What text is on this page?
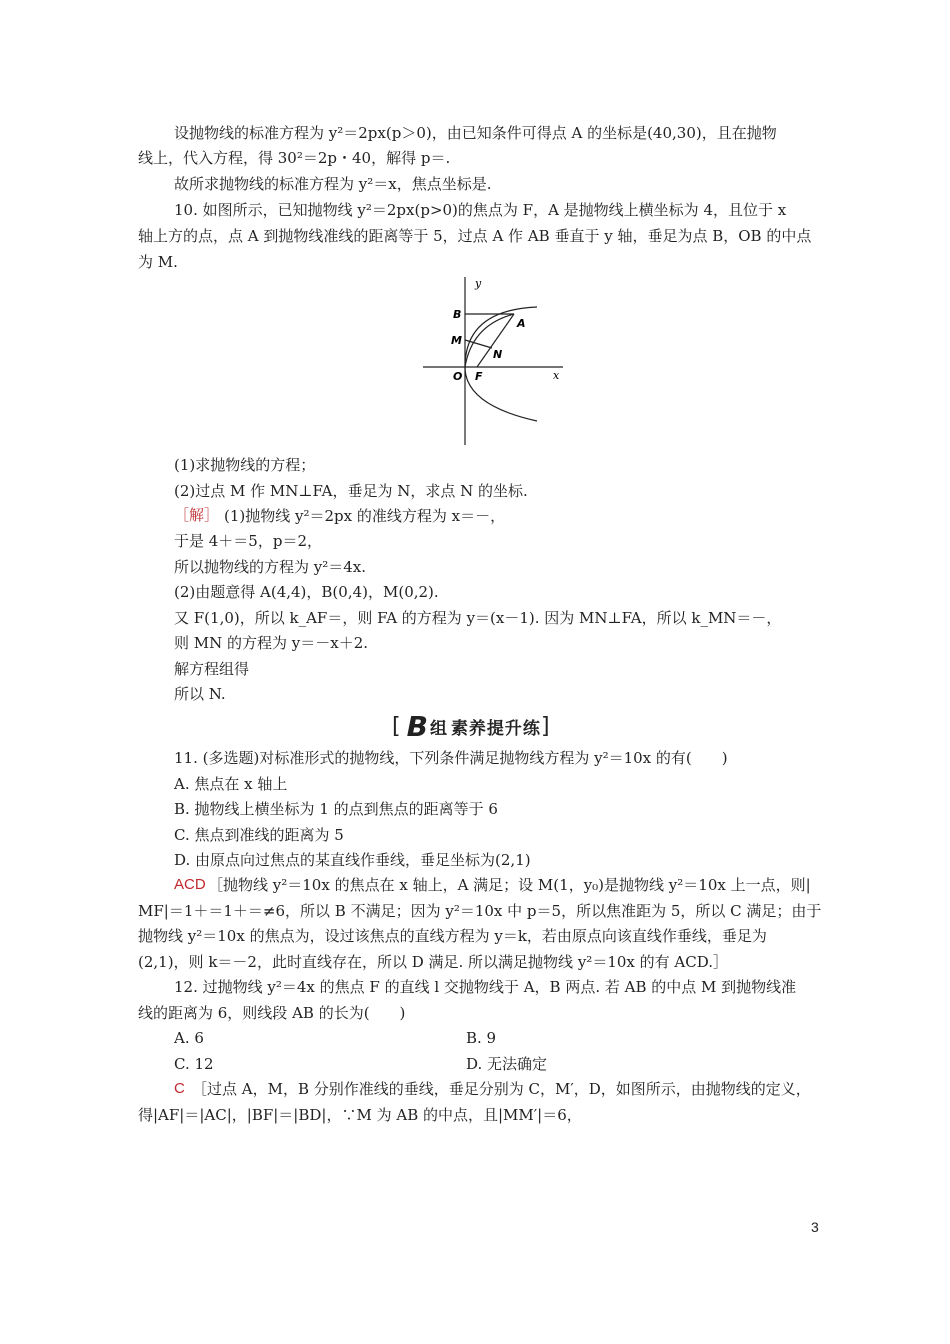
设抛物线的标准方程为 y²＝2px(p＞0)，由已知条件可得点 A 的坐标是(40,30)，且在抛物
线上，代入方程，得 30²＝2p・40，解得 p＝.
故所求抛物线的标准方程为 y²＝x，焦点坐标是.
10. 如图所示，已知抛物线 y²＝2px(p>0)的焦点为 F，A 是抛物线上横坐标为 4，且位于 x
轴上方的点，点 A 到抛物线准线的距离等于 5，过点 A 作 AB 垂直于 y 轴，垂足为点 B，OB 的中点
为 M.
y
x
O
B
A
M
N
F
(1)求抛物线的方程；
(2)过点 M 作 MN⊥FA，垂足为 N，求点 N 的坐标.
［解］ (1)抛物线 y²＝2px 的准线方程为 x＝－，
于是 4＋＝5，p＝2，
所以抛物线的方程为 y²＝4x.
(2)由题意得 A(4,4)，B(0,4)，M(0,2).
又 F(1,0)，所以 k_AF＝，则 FA 的方程为 y＝(x－1). 因为 MN⊥FA，所以 k_MN＝－，
则 MN 的方程为 y＝－x＋2.
解方程组得
所以 N.
[ B 组 素养提升练 ]
11. (多选题)对标准形式的抛物线，下列条件满足抛物线方程为 y²＝10x 的有(　　)
A. 焦点在 x 轴上
B. 抛物线上横坐标为 1 的点到焦点的距离等于 6
C. 焦点到准线的距离为 5
D. 由原点向过焦点的某直线作垂线，垂足坐标为(2,1)
ACD ［抛物线 y²＝10x 的焦点在 x 轴上，A 满足；设 M(1，y₀)是抛物线 y²＝10x 上一点，则|
MF|＝1＋＝1＋＝≠6，所以 B 不满足；因为 y²＝10x 中 p＝5，所以焦准距为 5，所以 C 满足；由于
抛物线 y²＝10x 的焦点为，设过该焦点的直线方程为 y＝k，若由原点向该直线作垂线，垂足为
(2,1)，则 k＝－2，此时直线存在，所以 D 满足. 所以满足抛物线 y²＝10x 的有 ACD.］
12. 过抛物线 y²＝4x 的焦点 F 的直线 l 交抛物线于 A，B 两点. 若 AB 的中点 M 到抛物线准
线的距离为 6，则线段 AB 的长为(　　)
A. 6	B. 9
C. 12	D. 无法确定
C ［过点 A，M，B 分别作准线的垂线，垂足分别为 C，M′，D，如图所示，由抛物线的定义，
得|AF|＝|AC|，|BF|＝|BD|，∵M 为 AB 的中点，且|MM′|＝6，
3
